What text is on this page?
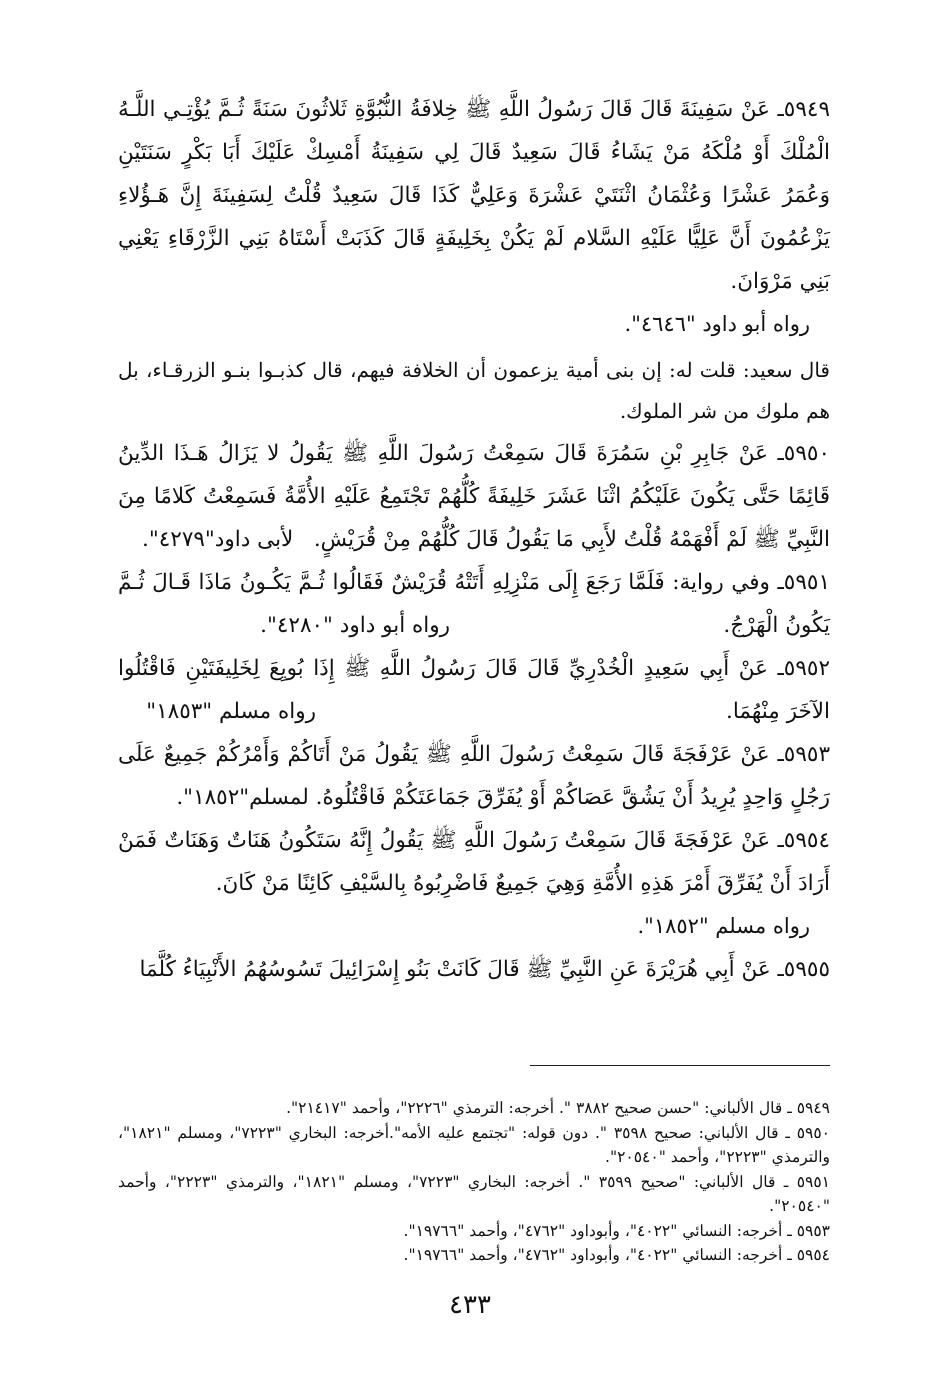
٥٩٤٩ـ عَنْ سَفِينَةَ قَالَ قَالَ رَسُولُ اللَّهِ ﷺ خِلافَةُ النُّبُوَّةِ ثَلاثُونَ سَنَةً ثُـمَّ يُؤْتِـي اللَّـهُ الْمُلْكَ أَوْ مُلْكَهُ مَنْ يَشَاءُ قَالَ سَعِيدٌ قَالَ لِي سَفِينَةُ أَمْسِكْ عَلَيْكَ أَبَا بَكْرٍ سَنَتَيْنِ وَعُمَرُ عَشْرًا وَعُثْمَانُ اثْنَتَيْ عَشْرَةَ وَعَلِيٌّ كَذَا قَالَ سَعِيدٌ قُلْتُ لِسَفِينَةَ إِنَّ هَـؤُلاءِ يَزْعُمُونَ أَنَّ عَلِيًّا عَلَيْهِ السَّلام لَمْ يَكُنْ بِخَلِيفَةٍ قَالَ كَذَبَتْ أَسْتَاهُ بَنِي الزَّرْقَاءِ يَعْنِي بَنِي مَرْوَانَ.

رواه أبو داود "٤٦٤٦".

قال سعيد: قلت له: إن بنى أمية يزعمون أن الخلافة فيهم، قال كذبـوا بنـو الزرقـاء، بل هم ملوك من شر الملوك.

٥٩٥٠ـ عَنْ جَابِرِ بْنِ سَمُرَةَ قَالَ سَمِعْتُ رَسُولَ اللَّهِ ﷺ يَقُولُ لا يَزَالُ هَـذَا الدِّينُ قَائِمًا حَتَّى يَكُونَ عَلَيْكُمُ اثْنَا عَشَرَ خَلِيفَةً كُلُّهُمْ تَجْتَمِعُ عَلَيْهِ الأُمَّةُ فَسَمِعْتُ كَلامًا مِنَ النَّبِيِّ ﷺ لَمْ أَفْهَمْهُ قُلْتُ لأَبِي مَا يَقُولُ قَالَ كُلُّهُمْ مِنْ قُرَيْشٍ.   لأبى داود"٤٢٧٩".

٥٩٥١ـ وفي رواية: فَلَمَّا رَجَعَ إِلَى مَنْزِلِهِ أَتَتْهُ قُرَيْشٌ فَقَالُوا ثُـمَّ يَكُـونُ مَاذَا قَـالَ ثُـمَّ يَكُونُ الْهَرْجُ.                                        رواه أبو داود "٤٢٨٠".

٥٩٥٢ـ عَنْ أَبِي سَعِيدٍ الْخُدْرِيِّ قَالَ قَالَ رَسُولُ اللَّهِ ﷺ إِذَا بُويِعَ لِخَلِيفَتَيْنِ فَاقْتُلُوا الآخَرَ مِنْهُمَا.                                                            رواه مسلم "١٨٥٣"

٥٩٥٣ـ عَنْ عَرْفَجَةَ قَالَ سَمِعْتُ رَسُولَ اللَّهِ ﷺ يَقُولُ مَنْ أَتَاكُمْ وَأَمْرُكُمْ جَمِيعٌ عَلَى رَجُلٍ وَاحِدٍ يُرِيدُ أَنْ يَشُقَّ عَصَاكُمْ أَوْ يُفَرِّقَ جَمَاعَتَكُمْ فَاقْتُلُوهُ. لمسلم"١٨٥٢".

٥٩٥٤ـ عَنْ عَرْفَجَةَ قَالَ سَمِعْتُ رَسُولَ اللَّهِ ﷺ يَقُولُ إِنَّهُ سَتَكُونُ هَنَاتٌ وَهَنَاتٌ فَمَنْ أَرَادَ أَنْ يُفَرِّقَ أَمْرَ هَذِهِ الأُمَّةِ وَهِيَ جَمِيعٌ فَاضْرِبُوهُ بِالسَّيْفِ كَائِنًا مَنْ كَانَ.

رواه مسلم "١٨٥٢".

٥٩٥٥ـ عَنْ أَبِي هُرَيْرَةَ عَنِ النَّبِيِّ ﷺ قَالَ كَانَتْ بَنُو إِسْرَائِيلَ تَسُوسُهُمُ الأَنْبِيَاءُ كُلَّمَا

٥٩٤٩ ـ قال الألباني: "حسن صحيح ٣٨٨٢ ". أخرجه: الترمذي "٢٢٢٦"، وأحمد "٢١٤١٧".

٥٩٥٠ ـ قال الألباني: صحيح ٣٥٩٨ ". دون قوله: "تجتمع عليه الأمه".أخرجه: البخاري "٧٢٢٣"، ومسلم "١٨٢١"، والترمذي "٢٢٢٣"، وأحمد "٢٠٥٤٠".

٥٩٥١ ـ قال الألباني: "صحيح ٣٥٩٩ ". أخرجه: البخاري "٧٢٢٣"، ومسلم "١٨٢١"، والترمذي "٢٢٢٣"، وأحمد "٢٠٥٤٠".

٥٩٥٣ ـ أخرجه: النسائي "٤٠٢٢"، وأبوداود "٤٧٦٢"، وأحمد "١٩٧٦٦".

٥٩٥٤ ـ أخرجه: النسائي "٤٠٢٢"، وأبوداود "٤٧٦٢"، وأحمد "١٩٧٦٦".

٤٣٣
